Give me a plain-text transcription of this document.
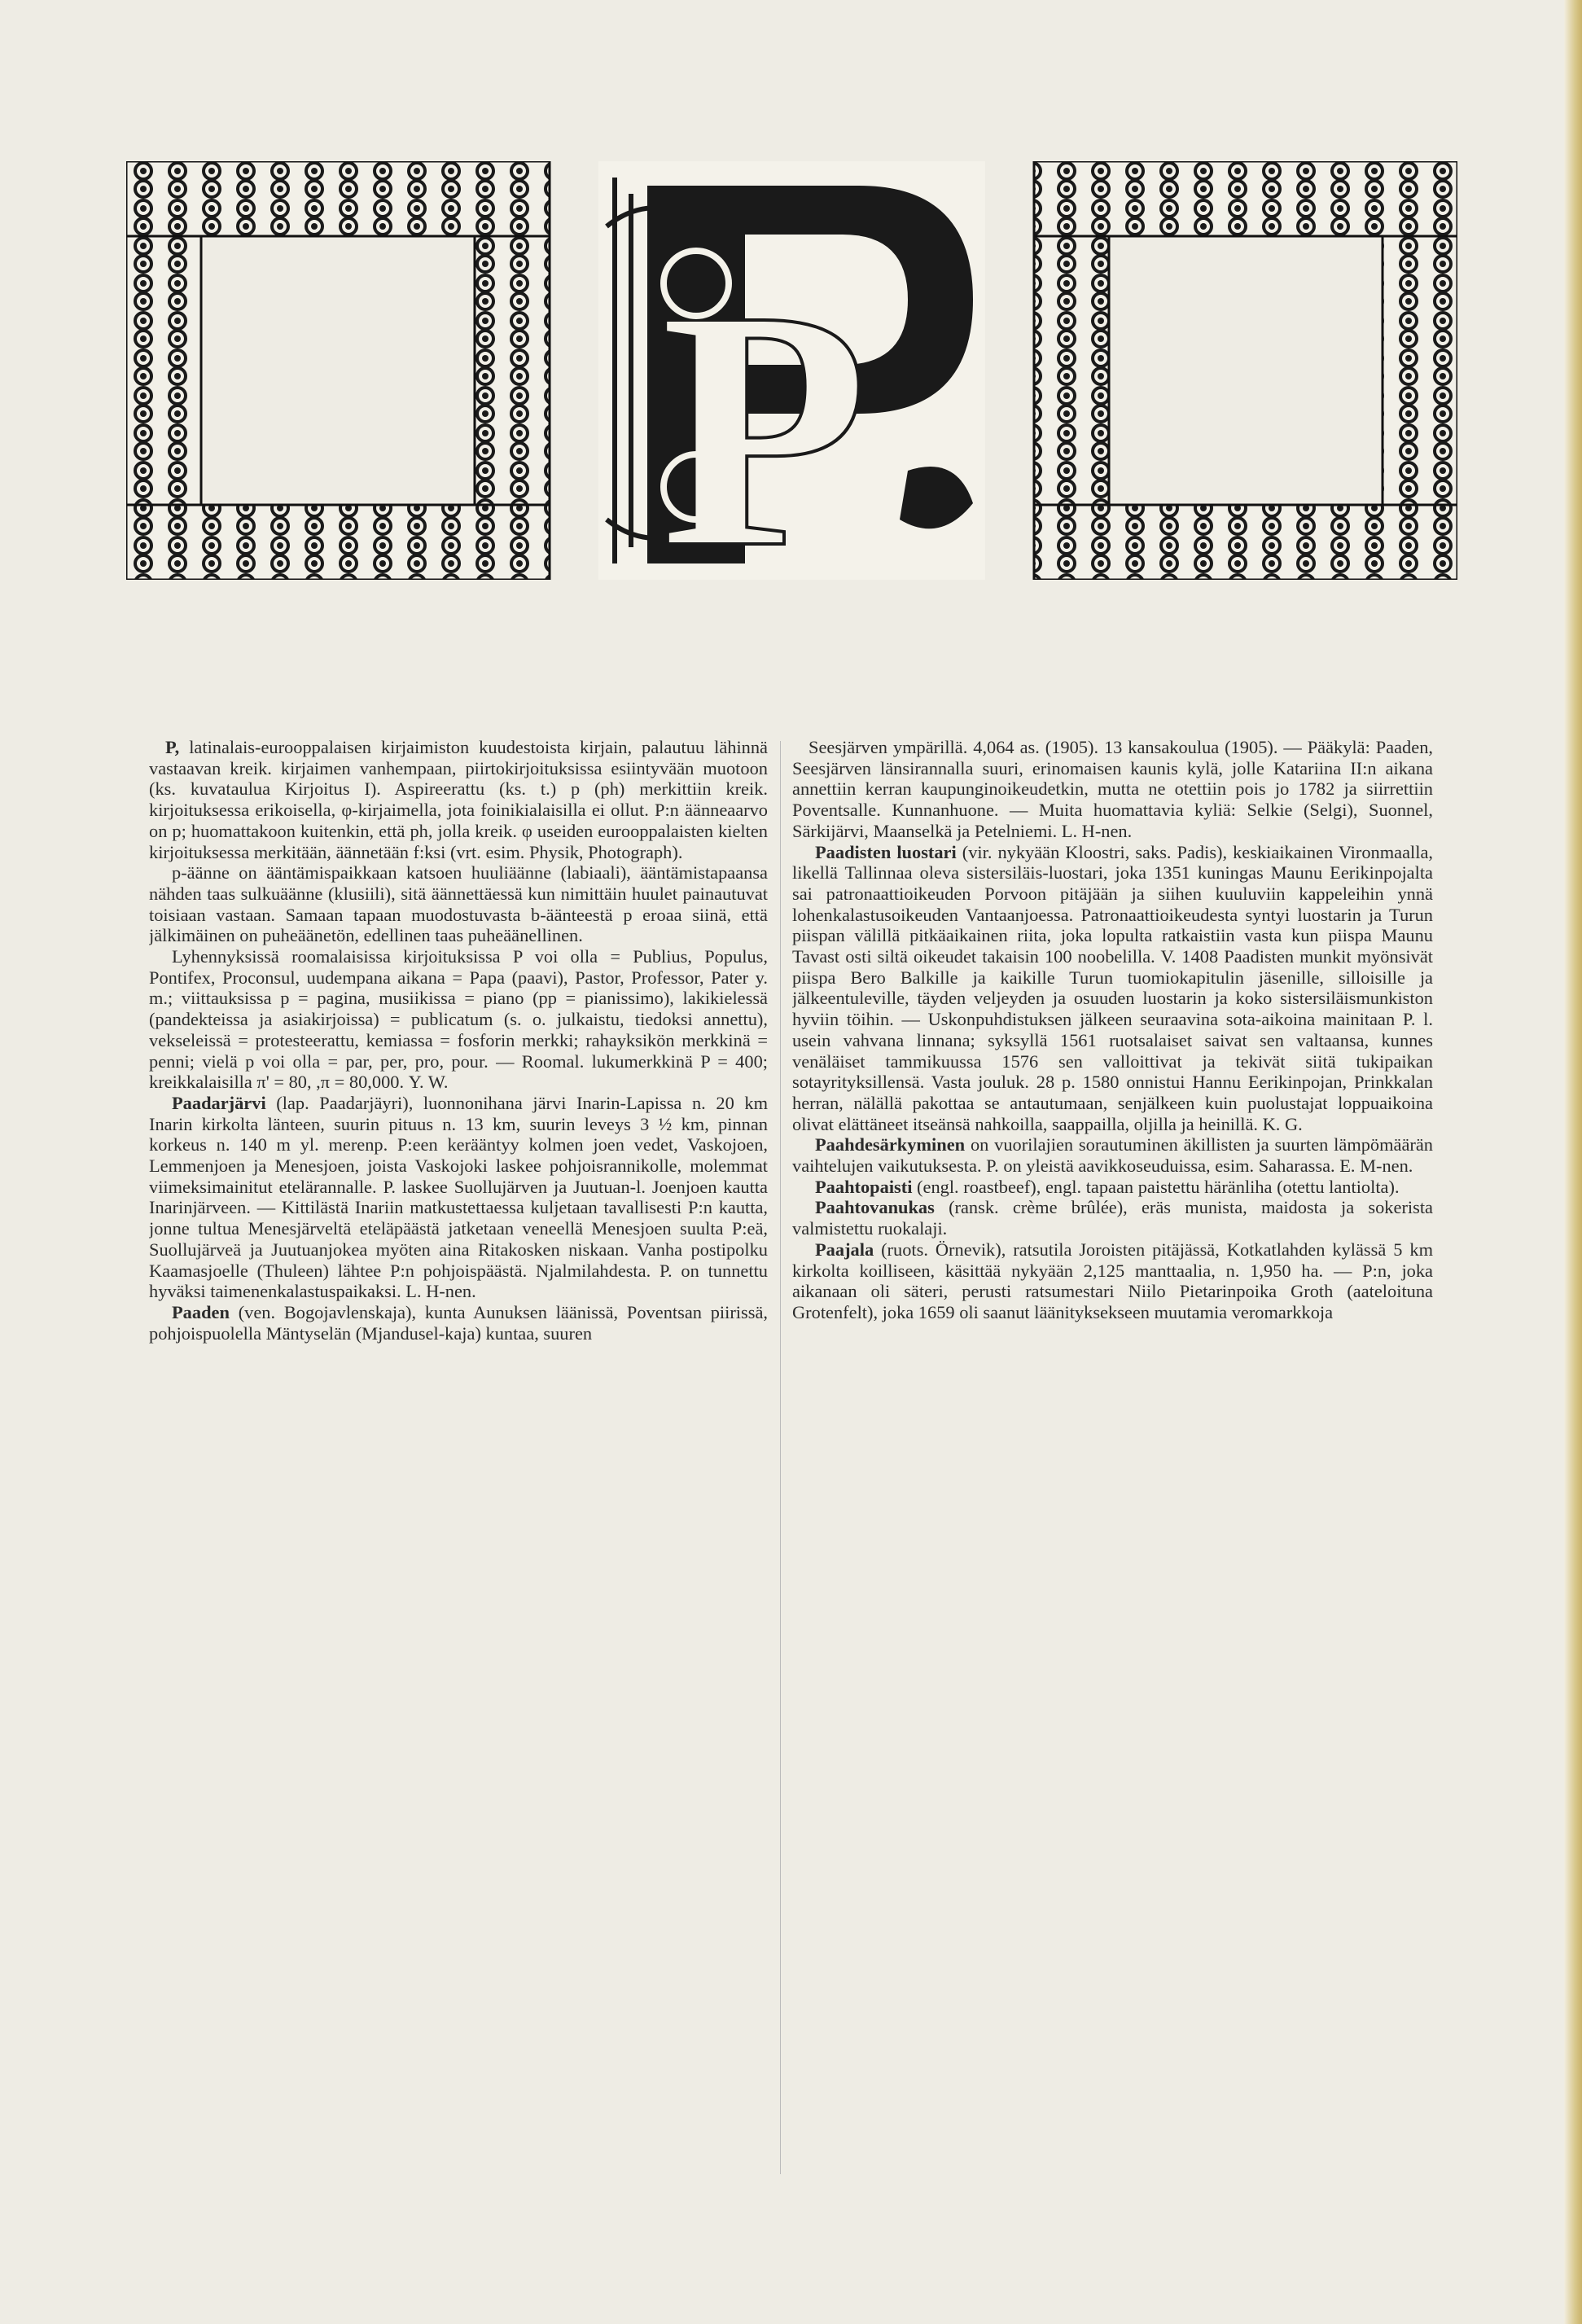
P

P, latinalais-eurooppalaisen kirjaimiston kuudestoista kirjain, palautuu lähinnä vastaavan kreik. kirjaimen vanhempaan, piirtokirjoituksissa esiintyvään muotoon (ks. kuvataulua Kirjoitus I). Aspireerattu (ks. t.) p (ph) merkittiin kreik. kirjoituksessa erikoisella, φ-kirjaimella, jota foinikialaisilla ei ollut. P:n äänneaarvo on p; huomattakoon kuitenkin, että ph, jolla kreik. φ useiden eurooppalaisten kielten kirjoituksessa merkitään, äännetään f:ksi (vrt. esim. Physik, Photograph).

p-äänne on ääntämispaikkaan katsoen huuliäänne (labiaali), ääntämistapaansa nähden taas sulkuäänne (klusiili), sitä äännettäessä kun nimittäin huulet painautuvat toisiaan vastaan. Samaan tapaan muodostuvasta b-äänteestä p eroaa siinä, että jälkimäinen on puheäänetön, edellinen taas puheäänellinen.

Lyhennyksissä roomalaisissa kirjoituksissa P voi olla = Publius, Populus, Pontifex, Proconsul, uudempana aikana = Papa (paavi), Pastor, Professor, Pater y. m.; viittauksissa p = pagina, musiikissa = piano (pp = pianissimo), lakikielessä (pandekteissa ja asiakirjoissa) = publicatum (s. o. julkaistu, tiedoksi annettu), vekseleissä = protesteerattu, kemiassa = fosforin merkki; rahayksikön merkkinä = penni; vielä p voi olla = par, per, pro, pour. — Roomal. lukumerkkinä P = 400; kreikkalaisilla π' = 80, ,π = 80,000. Y. W.

Paadarjärvi (lap. Paadarjäyri), luonnonihana järvi Inarin-Lapissa n. 20 km Inarin kirkolta länteen, suurin pituus n. 13 km, suurin leveys 3 ½ km, pinnan korkeus n. 140 m yl. merenp. P:een kerääntyy kolmen joen vedet, Vaskojoen, Lemmenjoen ja Menesjoen, joista Vaskojoki laskee pohjoisrannikolle, molemmat viimeksimainitut etelärannalle. P. laskee Suollujärven ja Juutuan-l. Joenjoen kautta Inarinjärveen. — Kittilästä Inariin matkustettaessa kuljetaan tavallisesti P:n kautta, jonne tultua Menesjärveltä eteläpäästä jatketaan veneellä Menesjoen suulta P:eä, Suollujärveä ja Juutuanjokea myöten aina Ritakosken niskaan. Vanha postipolku Kaamasjoelle (Thuleen) lähtee P:n pohjoispäästä. Njalmilahdesta. P. on tunnettu hyväksi taimenenkalastuspaikaksi. L. H-nen.

Paaden (ven. Bogojavlenskaja), kunta Aunuksen läänissä, Poventsan piirissä, pohjoispuolella Mäntyselän (Mjandusel-kaja) kuntaa, suuren

Seesjärven ympärillä. 4,064 as. (1905). 13 kansakoulua (1905). — Pääkylä: Paaden, Seesjärven länsirannalla suuri, erinomaisen kaunis kylä, jolle Katariina II:n aikana annettiin kerran kaupunginoikeudetkin, mutta ne otettiin pois jo 1782 ja siirrettiin Poventsalle. Kunnanhuone. — Muita huomattavia kyliä: Selkie (Selgi), Suonnel, Särkijärvi, Maanselkä ja Petelniemi. L. H-nen.

Paadisten luostari (vir. nykyään Kloostri, saks. Padis), keskiaikainen Vironmaalla, likellä Tallinnaa oleva sistersiläis-luostari, joka 1351 kuningas Maunu Eerikinpojalta sai patronaattioikeuden Porvoon pitäjään ja siihen kuuluviin kappeleihin ynnä lohenkalastusoikeuden Vantaanjoessa. Patronaattioikeudesta syntyi luostarin ja Turun piispan välillä pitkäaikainen riita, joka lopulta ratkaistiin vasta kun piispa Maunu Tavast osti siltä oikeudet takaisin 100 noobelilla. V. 1408 Paadisten munkit myönsivät piispa Bero Balkille ja kaikille Turun tuomiokapitulin jäsenille, silloisille ja jälkeentuleville, täyden veljeyden ja osuuden luostarin ja koko sistersiläismunkiston hyviin töihin. — Uskonpuhdistuksen jälkeen seuraavina sota-aikoina mainitaan P. l. usein vahvana linnana; syksyllä 1561 ruotsalaiset saivat sen valtaansa, kunnes venäläiset tammikuussa 1576 sen valloittivat ja tekivät siitä tukipaikan sotayrityksillensä. Vasta jouluk. 28 p. 1580 onnistui Hannu Eerikinpojan, Prinkkalan herran, nälällä pakottaa se antautumaan, senjälkeen kuin puolustajat loppuaikoina olivat elättäneet itseänsä nahkoilla, saappailla, oljilla ja heinillä. K. G.

Paahdesärkyminen on vuorilajien sorautuminen äkillisten ja suurten lämpömäärän vaihtelujen vaikutuksesta. P. on yleistä aavikkoseuduissa, esim. Saharassa. E. M-nen.

Paahtopaisti (engl. roastbeef), engl. tapaan paistettu häränliha (otettu lantiolta).

Paahtovanukas (ransk. crème brûlée), eräs munista, maidosta ja sokerista valmistettu ruokalaji.

Paajala (ruots. Örnevik), ratsutila Joroisten pitäjässä, Kotkatlahden kylässä 5 km kirkolta koilliseen, käsittää nykyään 2,125 manttaalia, n. 1,950 ha. — P:n, joka aikanaan oli säteri, perusti ratsumestari Niilo Pietarinpoika Groth (aateloituna Grotenfelt), joka 1659 oli saanut läänityksekseen muutamia veromarkkoja
